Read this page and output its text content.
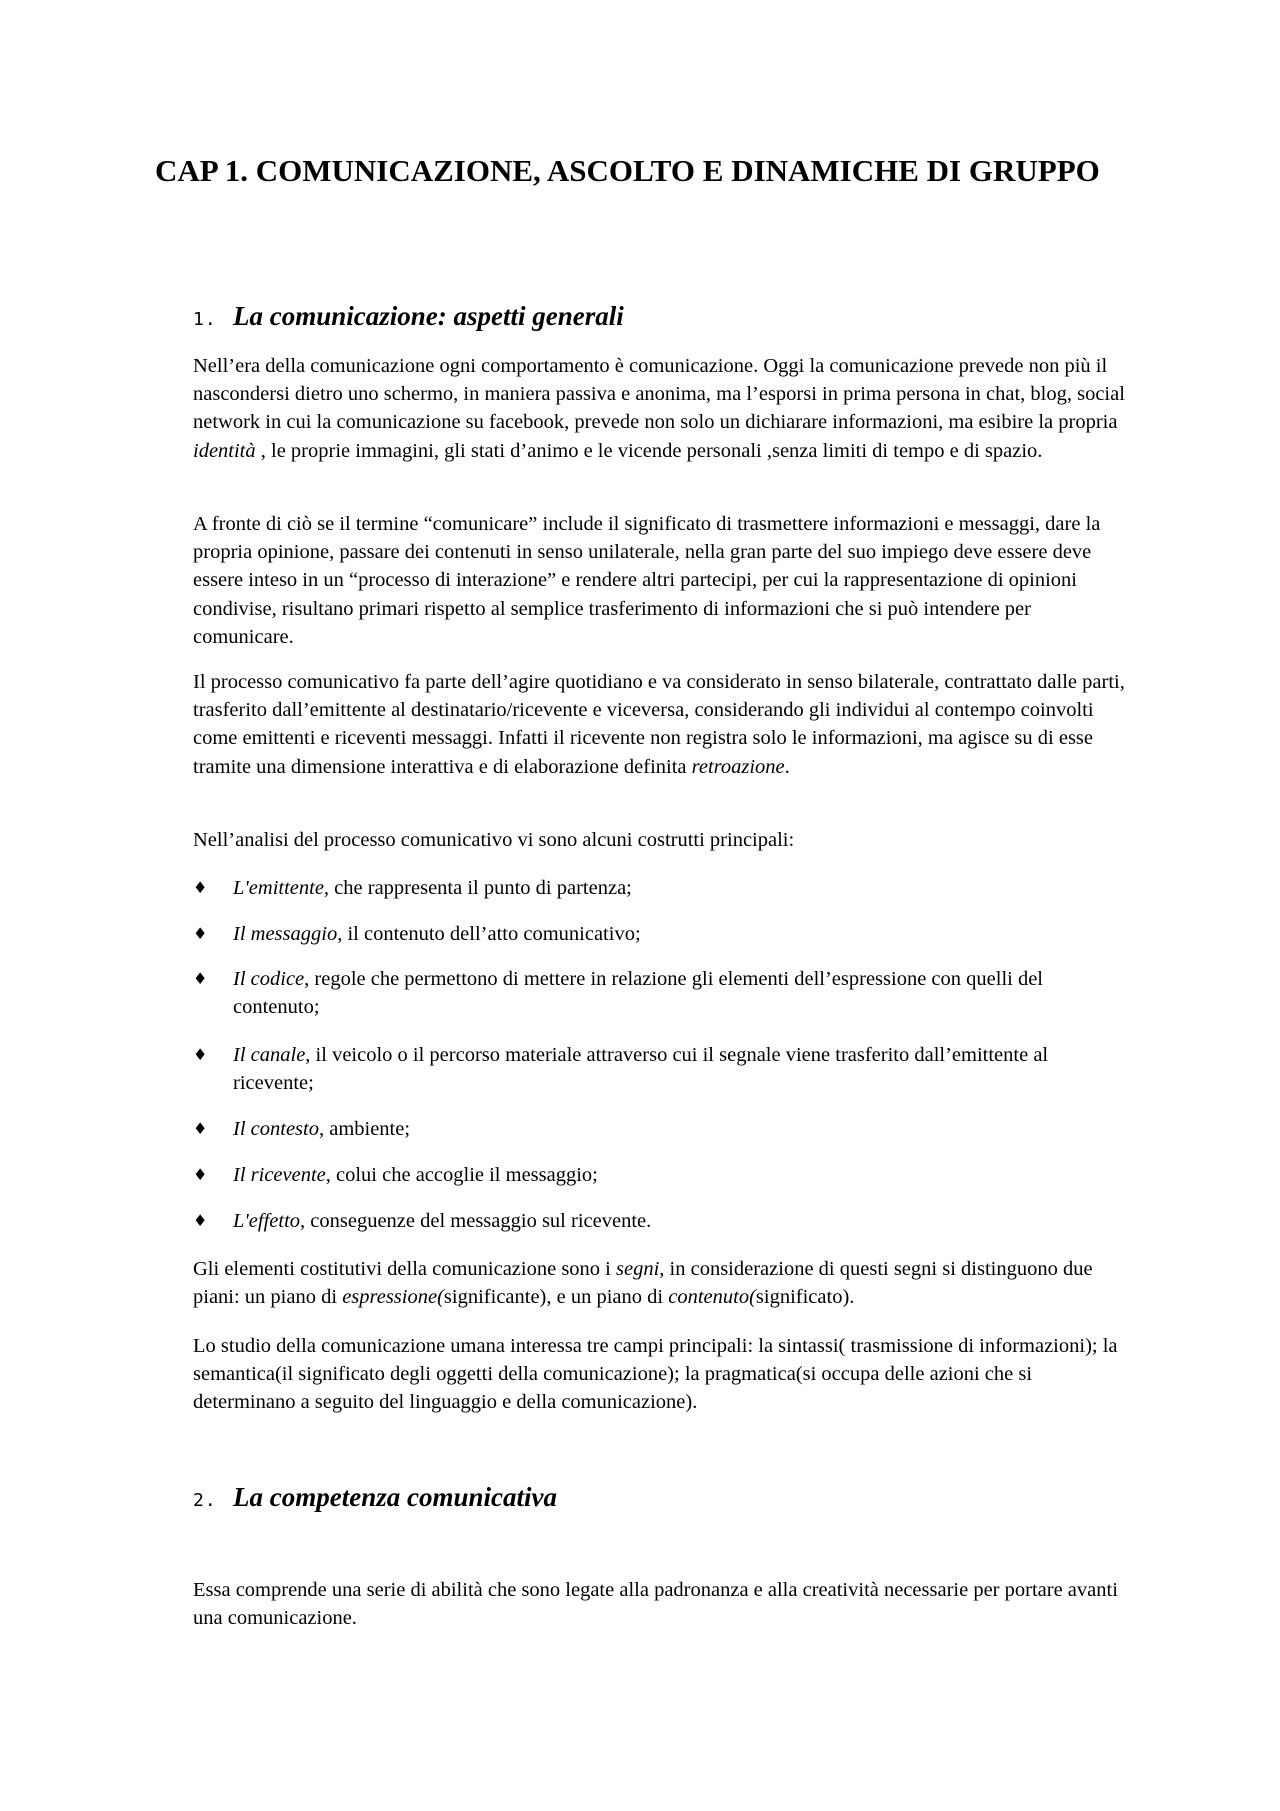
CAP 1. COMUNICAZIONE, ASCOLTO E DINAMICHE DI GRUPPO
1. La comunicazione: aspetti generali

Nell’era della comunicazione ogni comportamento è comunicazione. Oggi la comunicazione prevede non più il nascondersi dietro uno schermo, in maniera passiva e anonima, ma l’esporsi in prima persona in chat, blog, social network in cui la comunicazione su facebook, prevede non solo un dichiarare informazioni, ma esibire la propria identità , le proprie immagini, gli stati d’animo e le vicende personali ,senza limiti di tempo e di spazio.

A fronte di ciò se il termine “comunicare” include il significato di trasmettere informazioni e messaggi, dare la propria opinione, passare dei contenuti in senso unilaterale, nella gran parte del suo impiego deve essere deve essere inteso in un “processo di interazione” e rendere altri partecipi, per cui la rappresentazione di opinioni condivise, risultano primari rispetto al semplice trasferimento di informazioni che si può intendere per comunicare.

Il processo comunicativo fa parte dell’agire quotidiano e va considerato in senso bilaterale, contrattato dalle parti, trasferito dall’emittente al destinatario/ricevente e viceversa, considerando gli individui al contempo coinvolti come emittenti e riceventi messaggi. Infatti il ricevente non registra solo le informazioni, ma agisce su di esse tramite una dimensione interattiva e di elaborazione definita retroazione.

Nell’analisi del processo comunicativo vi sono alcuni costrutti principali:

♦ L'emittente, che rappresenta il punto di partenza;

♦ Il messaggio, il contenuto dell’atto comunicativo;

♦ Il codice, regole che permettono di mettere in relazione gli elementi dell’espressione con quelli del contenuto;

♦ Il canale, il veicolo o il percorso materiale attraverso cui il segnale viene trasferito dall’emittente al ricevente;

♦ Il contesto, ambiente;

♦ Il ricevente, colui che accoglie il messaggio;

♦ L'effetto, conseguenze del messaggio sul ricevente.

Gli elementi costitutivi della comunicazione sono i segni, in considerazione di questi segni si distinguono due piani: un piano di espressione(significante), e un piano di contenuto(significato).

Lo studio della comunicazione umana interessa tre campi principali: la sintassi( trasmissione di informazioni); la semantica(il significato degli oggetti della comunicazione); la pragmatica(si occupa delle azioni che si determinano a seguito del linguaggio e della comunicazione).

2. La competenza comunicativa

Essa comprende una serie di abilità che sono legate alla padronanza e alla creatività necessarie per portare avanti una comunicazione.
